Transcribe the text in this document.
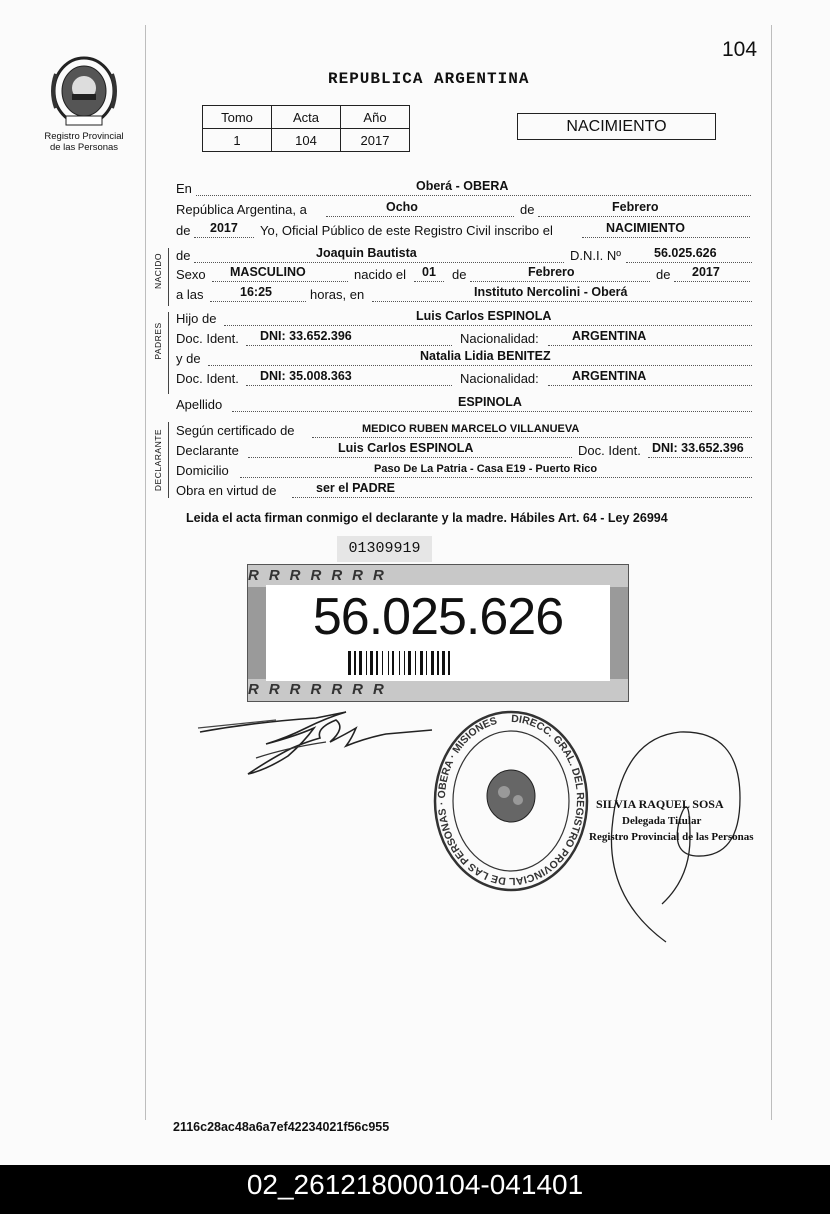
104
Registro Provincial
de las Personas
REPUBLICA ARGENTINA
Tomo	Acta	Año
1	104	2017
NACIMIENTO
En	Oberá - OBERA
República Argentina, a	Ocho	de	Febrero
de 2017 Yo, Oficial Público de este Registro Civil inscribo el	NACIMIENTO
NACIDO de	Joaquin Bautista	D.N.I. Nº	56.025.626
Sexo MASCULINO	nacido el 01 de	Febrero	de 2017
a las	16:25	horas, en	Instituto Nercolini - Oberá
PADRES
Hijo de	Luis Carlos ESPINOLA
Doc. Ident. DNI: 33.652.396	Nacionalidad:	ARGENTINA
y de	Natalia Lidia BENITEZ
Doc. Ident. DNI: 35.008.363	Nacionalidad:	ARGENTINA
Apellido	ESPINOLA
DECLARANTE Según certificado de	MEDICO RUBEN MARCELO VILLANUEVA
Declarante	Luis Carlos ESPINOLA	Doc. Ident. DNI: 33.652.396
Domicilio	Paso De La Patria - Casa E19 - Puerto Rico
Obra en virtud de	ser el PADRE
Leida el acta firman conmigo el declarante y la madre. Hábiles Art. 64 - Ley 26994
01309919
RRRRRRR
RRRRRRR
56.025.626
DIRECC. GRAL. DEL REGISTRO PROVINCIAL DE LAS PERSONAS · OBERA · MISIONES
SILVIA RAQUEL SOSA
Delegada Titular
Registro Provincial de las Personas
2116c28ac48a6a7ef42234021f56c955
02_261218000104-041401
